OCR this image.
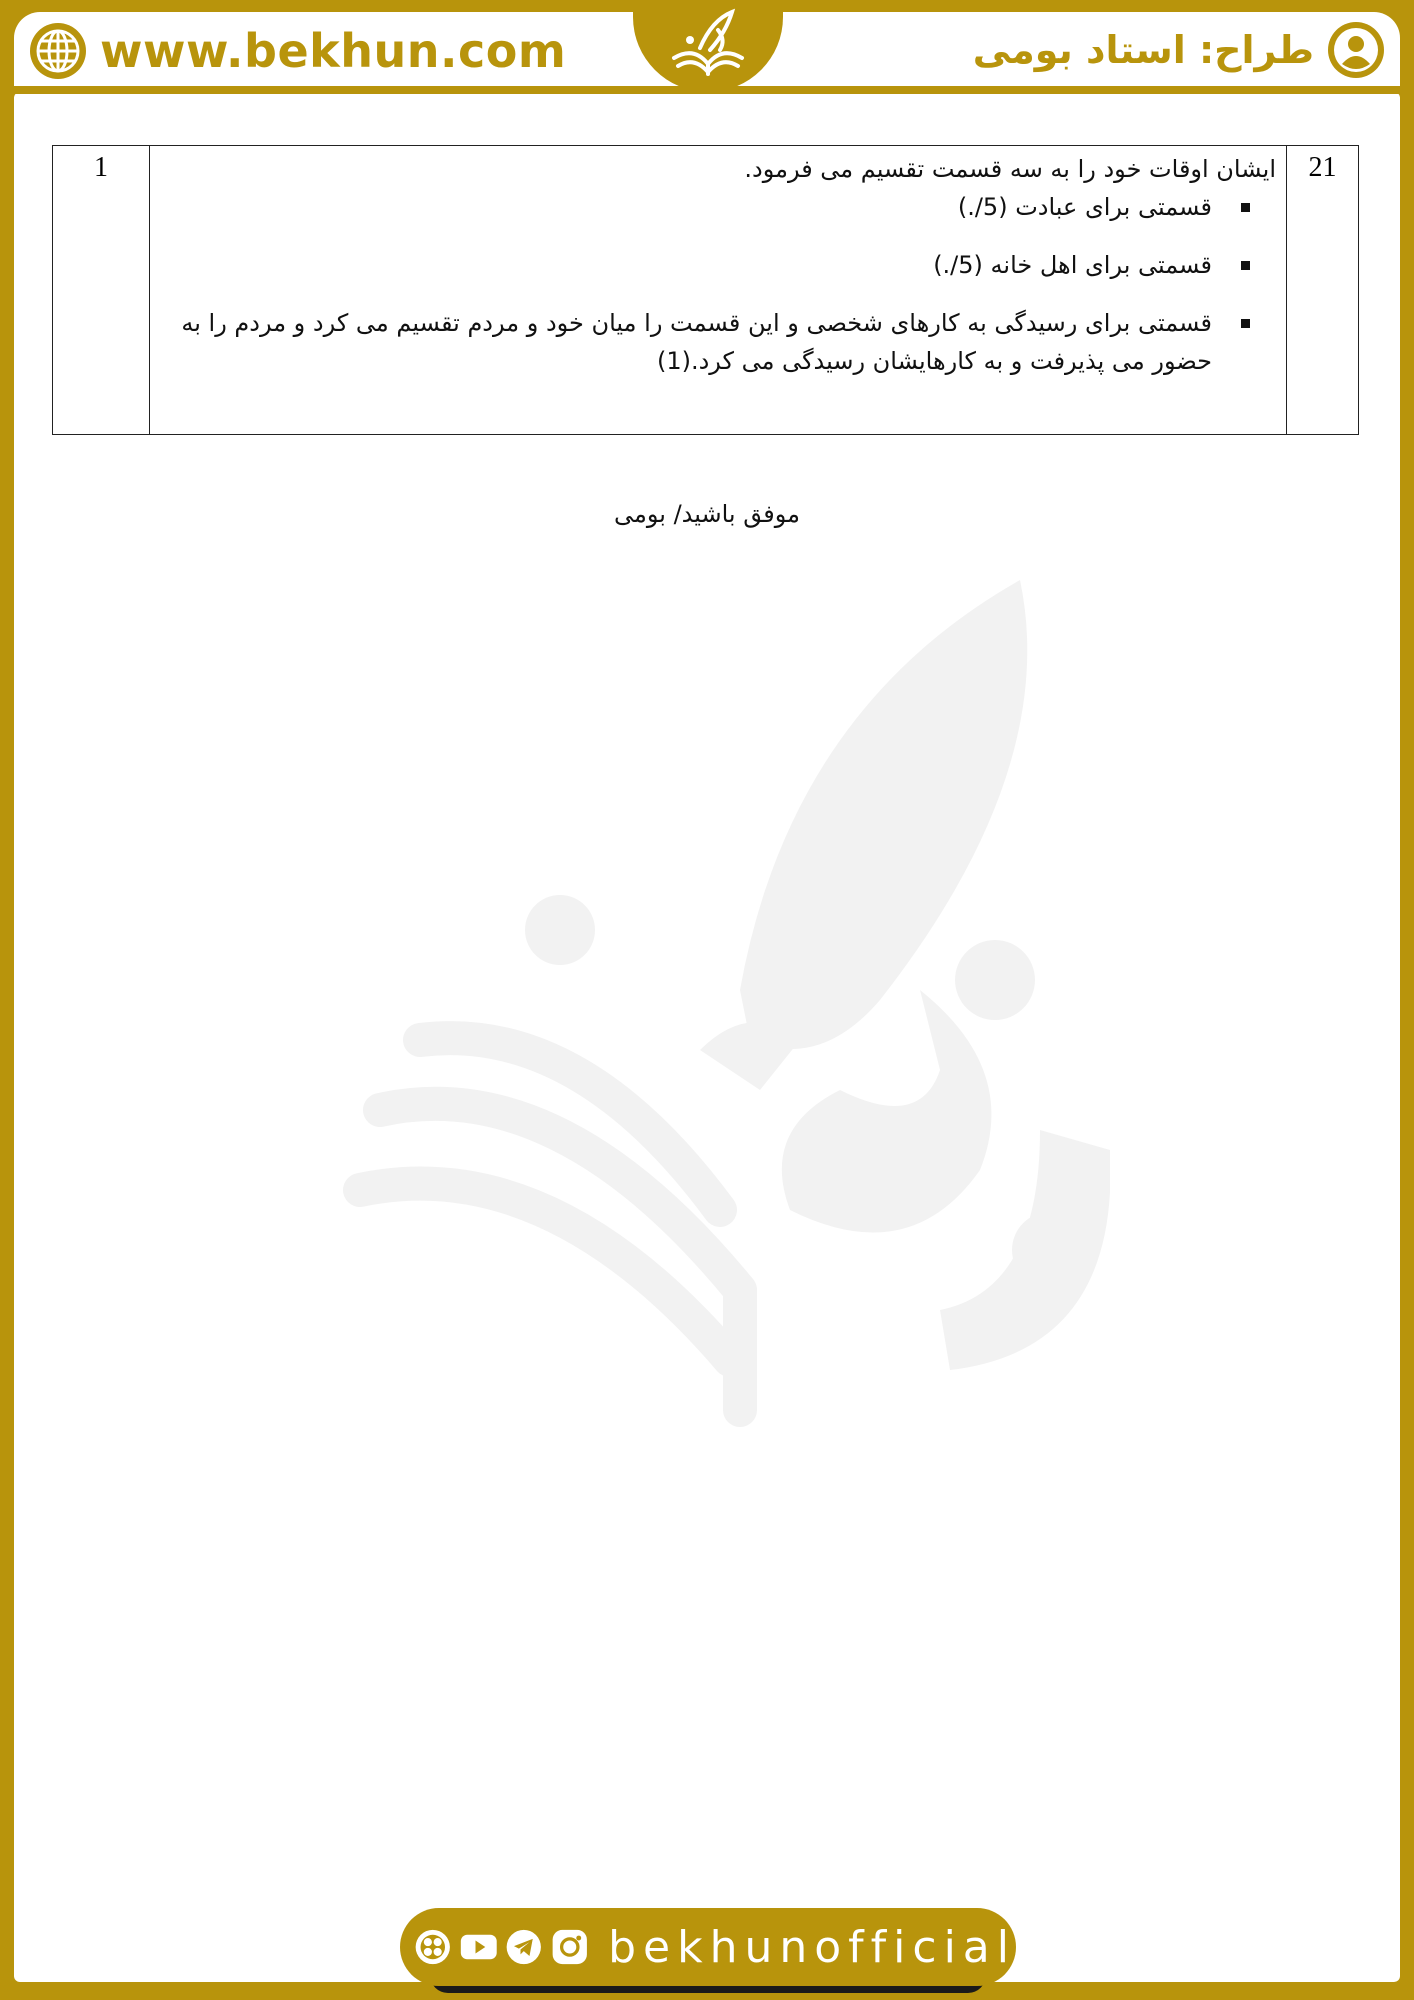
www.bekhun.com	طراح: استاد بومی
21
ایشان اوقات خود را به سه قسمت تقسیم می فرمود.
قسمتی برای عبادت (5/.)
قسمتی برای اهل خانه (5/.)
قسمتی برای رسیدگی به کارهای شخصی و این قسمت را میان خود و مردم تقسیم می کرد و مردم را به حضور می پذیرفت و به کارهایشان رسیدگی می کرد.(1)
1
موفق باشید/ بومی
bekhunofficial
